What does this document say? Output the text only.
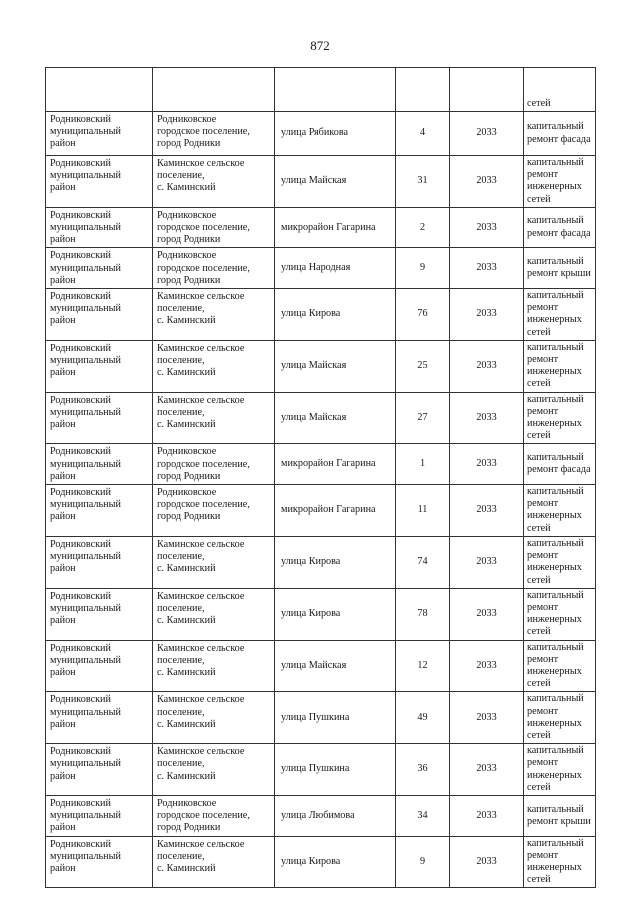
872
					сетей
Родниковский
муниципальный
район	Родниковское
городское поселение,
город Родники	улица Рябикова	4	2033	капитальный
ремонт фасада
Родниковский
муниципальный
район	Каминское сельское
поселение,
с. Каминский	улица Майская	31	2033	капитальный
ремонт
инженерных
сетей
Родниковский
муниципальный
район	Родниковское
городское поселение,
город Родники	микрорайон Гагарина	2	2033	капитальный
ремонт фасада
Родниковский
муниципальный
район	Родниковское
городское поселение,
город Родники	улица Народная	9	2033	капитальный
ремонт крыши
Родниковский
муниципальный
район	Каминское сельское
поселение,
с. Каминский	улица Кирова	76	2033	капитальный
ремонт
инженерных
сетей
Родниковский
муниципальный
район	Каминское сельское
поселение,
с. Каминский	улица Майская	25	2033	капитальный
ремонт
инженерных
сетей
Родниковский
муниципальный
район	Каминское сельское
поселение,
с. Каминский	улица Майская	27	2033	капитальный
ремонт
инженерных
сетей
Родниковский
муниципальный
район	Родниковское
городское поселение,
город Родники	микрорайон Гагарина	1	2033	капитальный
ремонт фасада
Родниковский
муниципальный
район	Родниковское
городское поселение,
город Родники	микрорайон Гагарина	11	2033	капитальный
ремонт
инженерных
сетей
Родниковский
муниципальный
район	Каминское сельское
поселение,
с. Каминский	улица Кирова	74	2033	капитальный
ремонт
инженерных
сетей
Родниковский
муниципальный
район	Каминское сельское
поселение,
с. Каминский	улица Кирова	78	2033	капитальный
ремонт
инженерных
сетей
Родниковский
муниципальный
район	Каминское сельское
поселение,
с. Каминский	улица Майская	12	2033	капитальный
ремонт
инженерных
сетей
Родниковский
муниципальный
район	Каминское сельское
поселение,
с. Каминский	улица Пушкина	49	2033	капитальный
ремонт
инженерных
сетей
Родниковский
муниципальный
район	Каминское сельское
поселение,
с. Каминский	улица Пушкина	36	2033	капитальный
ремонт
инженерных
сетей
Родниковский
муниципальный
район	Родниковское
городское поселение,
город Родники	улица Любимова	34	2033	капитальный
ремонт крыши
Родниковский
муниципальный
район	Каминское сельское
поселение,
с. Каминский	улица Кирова	9	2033	капитальный
ремонт
инженерных
сетей
